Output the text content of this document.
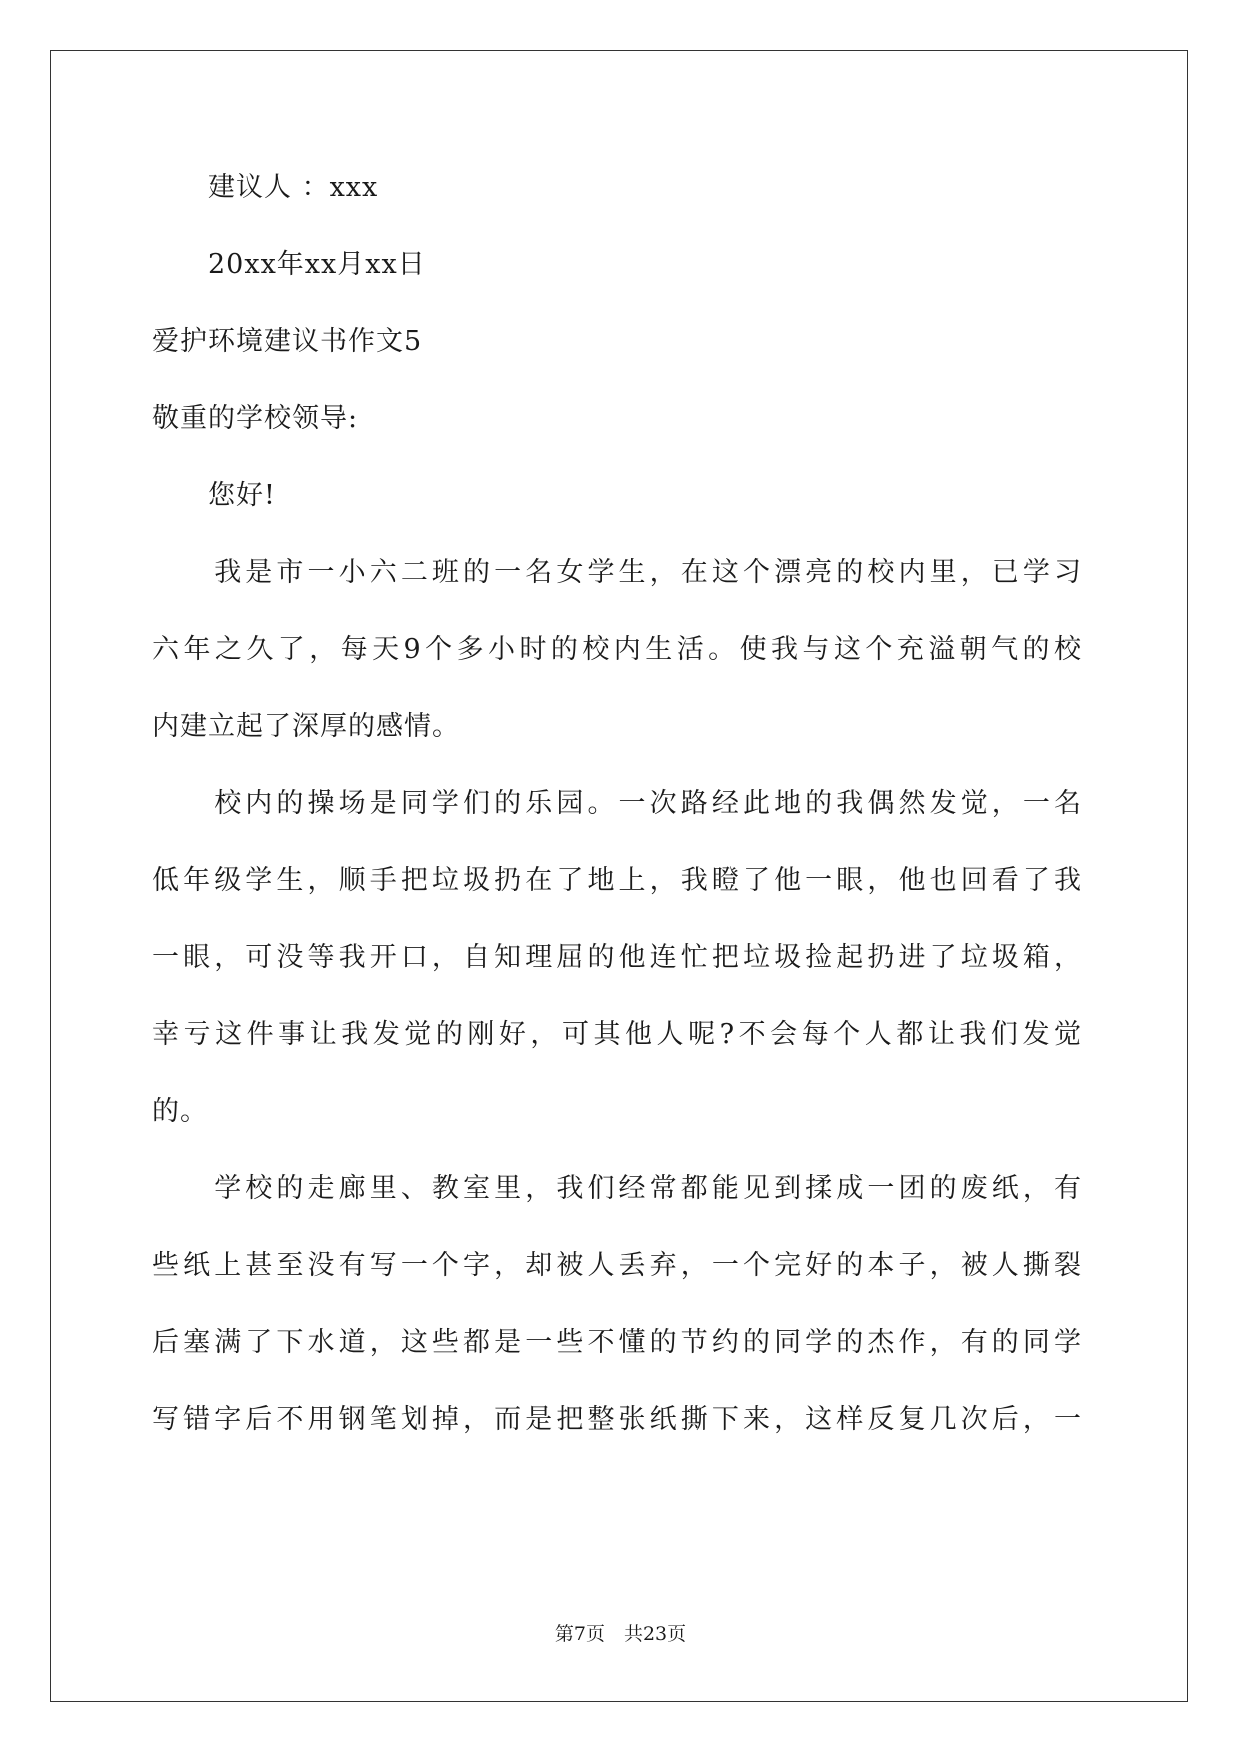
　　建议人 ：xxx
　　20xx年xx月xx日
爱护环境建议书作文5
敬重的学校领导:
　　您好!
　　我是市一小六二班的一名女学生，在这个漂亮的校内里，已学习
六年之久了，每天9个多小时的校内生活。使我与这个充溢朝气的校
内建立起了深厚的感情。
　　校内的操场是同学们的乐园。一次路经此地的我偶然发觉，一名
低年级学生，顺手把垃圾扔在了地上，我瞪了他一眼，他也回看了我
一眼，可没等我开口，自知理屈的他连忙把垃圾捡起扔进了垃圾箱，
幸亏这件事让我发觉的刚好，可其他人呢?不会每个人都让我们发觉
的。
　　学校的走廊里、教室里，我们经常都能见到揉成一团的废纸，有
些纸上甚至没有写一个字，却被人丢弃，一个完好的本子，被人撕裂
后塞满了下水道，这些都是一些不懂的节约的同学的杰作，有的同学
写错字后不用钢笔划掉，而是把整张纸撕下来，这样反复几次后，一
第7页　共23页
